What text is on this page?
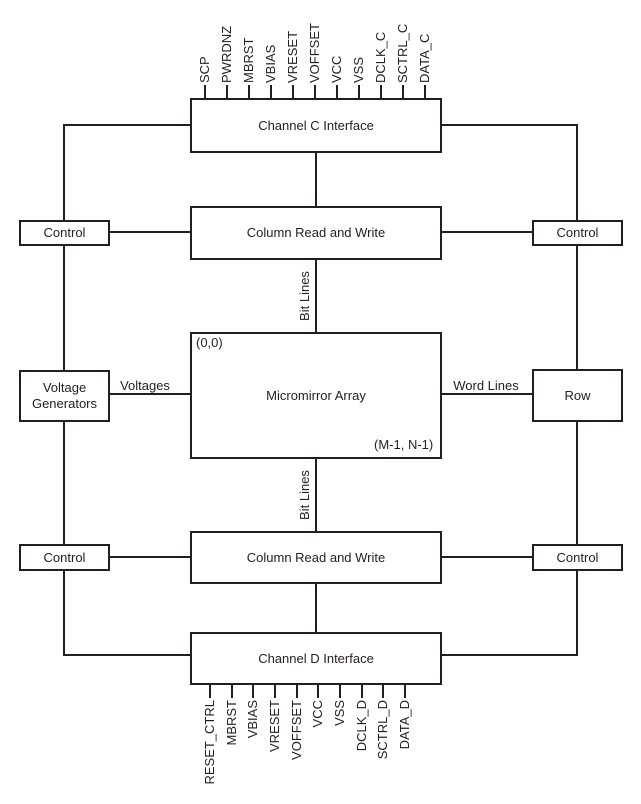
Channel C Interface
Column Read and Write
Control	Control
Micromirror Array
Voltage Generators
Row
Column Read and Write
Control	Control
Channel D Interface
(0,0)
(M-1, N-1)
Voltages	Word Lines
Bit Lines
Bit Lines
SCP PWRDNZ MBRST VBIAS VRESET VOFFSET VCC VSS DCLK_C SCTRL_C DATA_C
RESET_CTRL MBRST VBIAS VRESET VOFFSET VCC VSS DCLK_D SCTRL_D DATA_D
